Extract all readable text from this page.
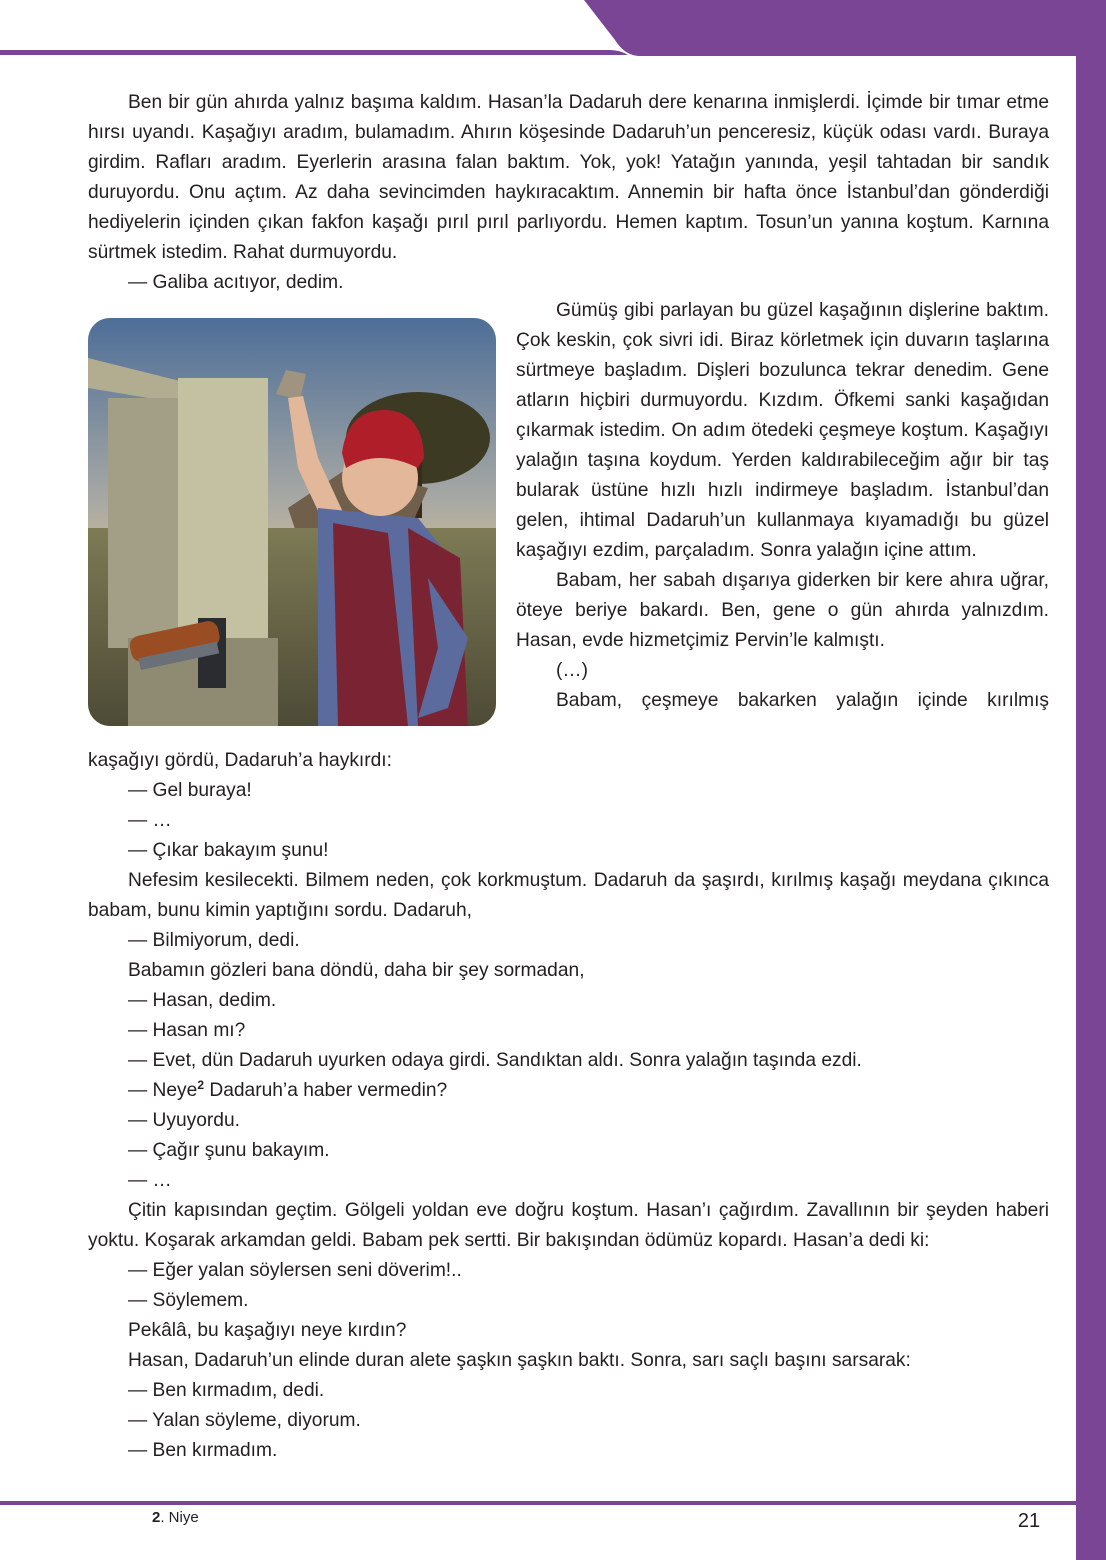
Ben bir gün ahırda yalnız başıma kaldım. Hasan’la Dadaruh dere kenarına inmişlerdi. İçimde bir tımar etme hırsı uyandı. Kaşağıyı aradım, bulamadım. Ahırın köşesinde Dadaruh’un penceresiz, küçük odası vardı. Buraya girdim. Rafları aradım. Eyerlerin arasına falan baktım. Yok, yok! Yatağın yanında, yeşil tahtadan bir sandık duruyordu. Onu açtım. Az daha sevincimden haykıracaktım. Annemin bir hafta önce İstanbul’dan gönderdiği hediyelerin içinden çıkan fakfon kaşağı pırıl pırıl parlıyordu. Hemen kaptım. Tosun’un yanına koştum. Karnına sürtmek istedim. Rahat durmuyordu.

— Galiba acıtıyor, dedim.

Gümüş gibi parlayan bu güzel kaşağının dişlerine baktım. Çok keskin, çok sivri idi. Biraz körletmek için duvarın taşlarına sürtmeye başladım. Dişleri bozulunca tekrar denedim. Gene atların hiçbiri durmuyordu. Kızdım. Öfkemi sanki kaşağıdan çıkarmak istedim. On adım ötedeki çeşmeye koştum. Kaşağıyı yalağın taşına koydum. Yerden kaldırabileceğim ağır bir taş bularak üstüne hızlı hızlı indirmeye başladım. İstanbul’dan gelen, ihtimal Dadaruh’un kullanmaya kıyamadığı bu güzel kaşağıyı ezdim, parçaladım. Sonra yalağın içine attım.

Babam, her sabah dışarıya giderken bir kere ahıra uğrar, öteye beriye bakardı. Ben, gene o gün ahırda yalnızdım. Hasan, evde hizmetçimiz Pervin’le kalmıştı.

(…)

Babam, çeşmeye bakarken yalağın içinde kırılmış

kaşağıyı gördü, Dadaruh’a haykırdı:

— Gel buraya!

— …

— Çıkar bakayım şunu!

Nefesim kesilecekti. Bilmem neden, çok korkmuştum. Dadaruh da şaşırdı, kırılmış kaşağı meydana çıkınca babam, bunu kimin yaptığını sordu. Dadaruh,

— Bilmiyorum, dedi.

Babamın gözleri bana döndü, daha bir şey sormadan,

— Hasan, dedim.

— Hasan mı?

— Evet, dün Dadaruh uyurken odaya girdi. Sandıktan aldı. Sonra yalağın taşında ezdi.

— Neye$^2$ Dadaruh’a haber vermedin?

— Uyuyordu.

— Çağır şunu bakayım.

— …

Çitin kapısından geçtim. Gölgeli yoldan eve doğru koştum. Hasan’ı çağırdım. Zavallının bir şeyden haberi yoktu. Koşarak arkamdan geldi. Babam pek sertti. Bir bakışından ödümüz kopardı. Hasan’a dedi ki:

— Eğer yalan söylersen seni döverim!..

— Söylemem.

Pekâlâ, bu kaşağıyı neye kırdın?

Hasan, Dadaruh’un elinde duran alete şaşkın şaşkın baktı. Sonra, sarı saçlı başını sarsarak:

— Ben kırmadım, dedi.

— Yalan söyleme, diyorum.

— Ben kırmadım.

2. Niye	21
